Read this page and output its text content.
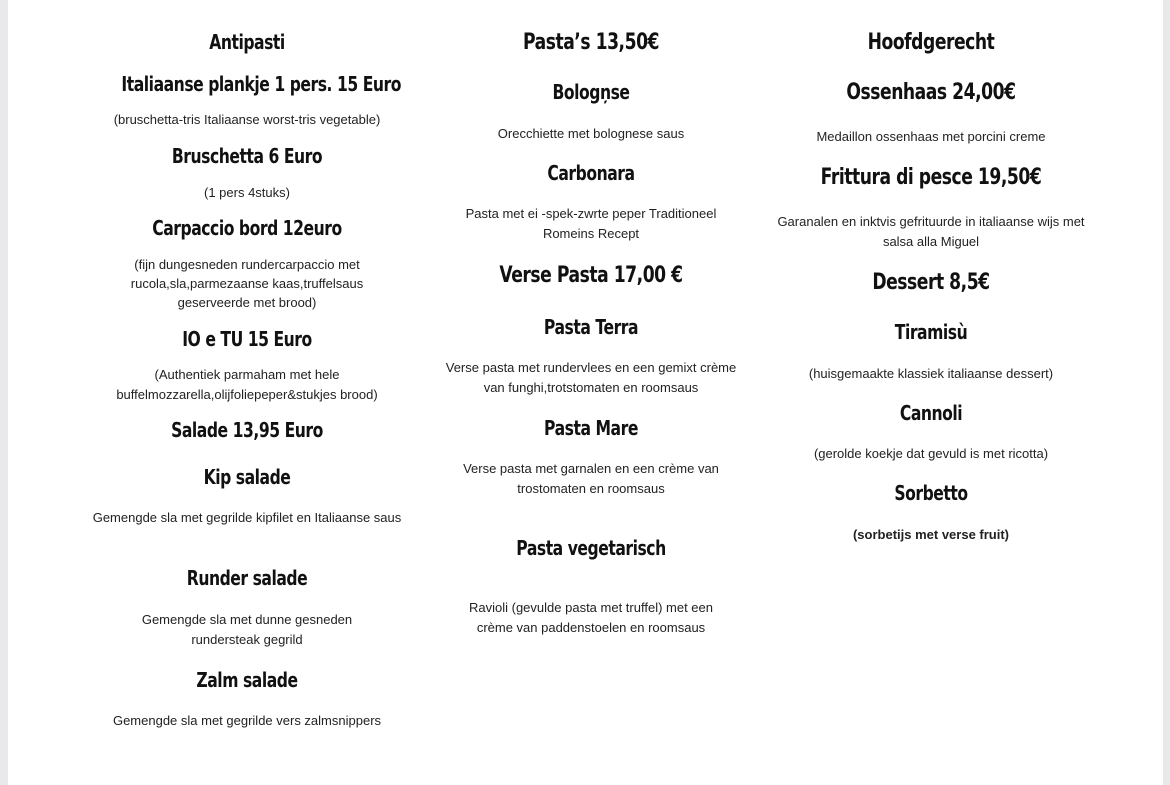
Antipasti
Italiaanse plankje 1 pers. 15 Euro
(bruschetta-tris Italiaanse worst-tris vegetable)
Bruschetta 6 Euro
(1 pers 4stuks)
Carpaccio bord 12euro
(fijn dungesneden rundercarpaccio met rucola,sla,parmezaanse kaas,truffelsaus geserveerde met brood)
IO e TU 15 Euro
(Authentiek parmaham met hele buffelmozzarella,olijfoliepeper&stukjes brood)
Salade 13,95 Euro
Kip salade
Gemengde sla met gegrilde kipfilet en Italiaanse saus
Runder salade
Gemengde sla met dunne gesneden rundersteak gegrild
Zalm salade
Gemengde sla met gegrilde vers zalmsnippers
Pasta’s 13,50€
Bologņse
Orecchiette met bolognese saus
Carbonara
Pasta met ei -spek-zwrte peper Traditioneel Romeins Recept
Verse Pasta 17,00 €
Pasta Terra
Verse pasta met rundervlees en een gemixt crème van funghi,trotstomaten en roomsaus
Pasta Mare
Verse pasta met garnalen en een crème van trostomaten en roomsaus
Pasta vegetarisch
Ravioli (gevulde pasta met truffel) met een crème van paddenstoelen en roomsaus
Hoofdgerecht
Ossenhaas 24,00€
Medaillon ossenhaas met porcini creme
Frittura di pesce 19,50€
Garanalen en inktvis gefrituurde in italiaanse wijs met salsa alla Miguel
Dessert 8,5€
Tiramisù
(huisgemaakte klassiek italiaanse dessert)
Cannoli
(gerolde koekje dat gevuld is met ricotta)
Sorbetto
(sorbetijs met verse fruit)
